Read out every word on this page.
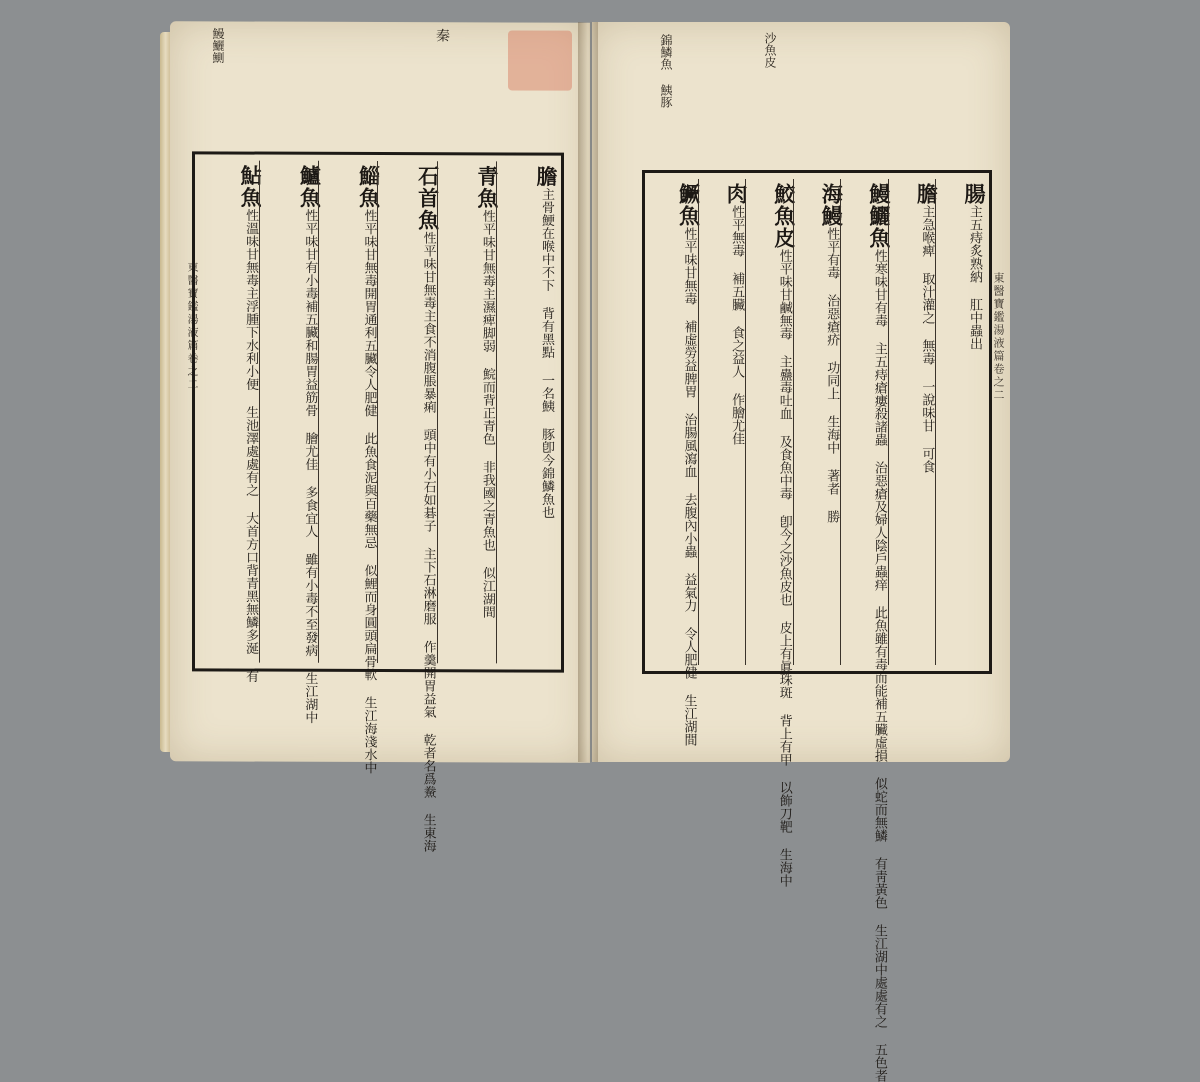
鰻鱺鰂	秦
東醫寶鑑湯液篇卷之二
膽主骨鯁在喉中不下 背有黑點 一名鮧 豚卽今錦鱗魚也
青魚性平味甘無毒主濕痺脚弱 鯇而背正青色 非我國之青魚也 似江湖間
石首魚性平味甘無毒主食不消腹脹暴痢 頭中有小石如碁子 主下石淋磨服 作羹開胃益氣 乾者名爲鮝 生東海
鯔魚性平味甘無毒開胃通利五臟令人肥健 此魚食泥與百藥無忌 似鯉而身圓頭扁骨軟 生江海淺水中
鱸魚性平味甘有小毒補五臟和腸胃益筋骨 膾尤佳 多食宜人 雖有小毒不至發病 生江湖中
鮎魚性溫味甘無毒主浮腫下水利小便 生池澤處處有之 大首方口背青黑無鱗多涎 有
錦鱗魚 鮧豚	沙魚皮
東醫寶鑑湯液篇卷之二
腸主五痔炙熟納 肛中蟲出
膽主急喉痺 取汁灌之 無毒 一說味甘 可食
鰻鱺魚性寒味甘有毒 主五痔瘡瘻殺諸蟲 治惡瘡及婦人陰戶蟲痒 此魚雖有毒而能補五臟虛損 似蛇而無鱗 有靑黃色 生江湖中處處有之 五色者
海鰻性平有毒 治惡瘡疥 功同上 生海中 著者 勝
鮫魚皮性平味甘鹹無毒 主蠱毒吐血 及食魚中毒 卽今之沙魚皮也 皮上有眞珠斑 背上有甲 以飾刀靶 生海中
肉性平無毒 補五臟 食之益人 作膾尤佳
鱖魚性平味甘無毒 補虛勞益脾胃 治腸風瀉血 去腹內小蟲 益氣力 令人肥健 生江湖間
